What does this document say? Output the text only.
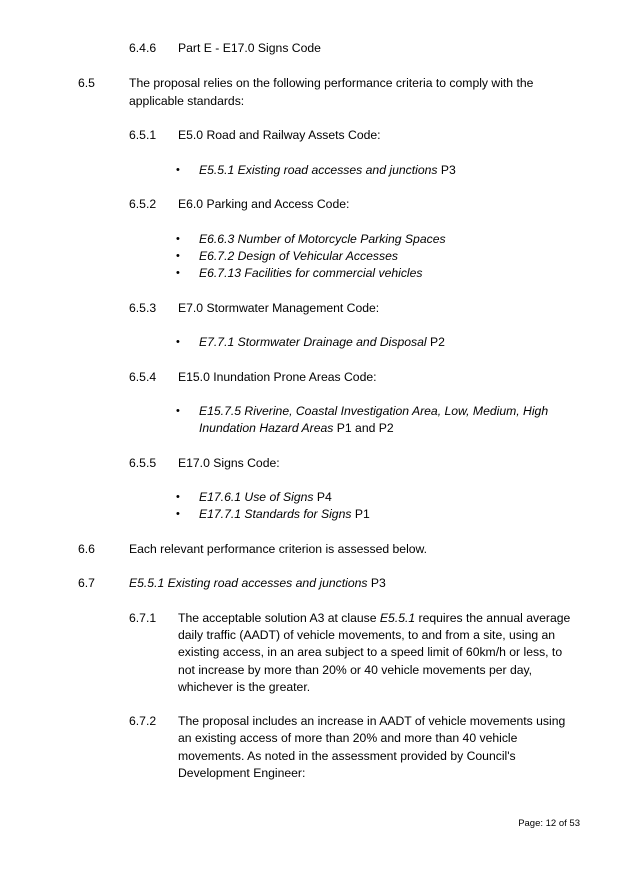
6.4.6 Part E - E17.0 Signs Code
6.5	The proposal relies on the following performance criteria to comply with the
applicable standards:
6.5.1 E5.0 Road and Railway Assets Code:
• E5.5.1 Existing road accesses and junctions P3
6.5.2 E6.0 Parking and Access Code:
• E6.6.3 Number of Motorcycle Parking Spaces
• E6.7.2 Design of Vehicular Accesses
• E6.7.13 Facilities for commercial vehicles
6.5.3 E7.0 Stormwater Management Code:
• E7.7.1 Stormwater Drainage and Disposal P2
6.5.4 E15.0 Inundation Prone Areas Code:
• E15.7.5 Riverine, Coastal Investigation Area, Low, Medium, High
Inundation Hazard Areas P1 and P2
6.5.5 E17.0 Signs Code:
• E17.6.1 Use of Signs P4
• E17.7.1 Standards for Signs P1
6.6	Each relevant performance criterion is assessed below.
6.7	E5.5.1 Existing road accesses and junctions P3
6.7.1 The acceptable solution A3 at clause E5.5.1 requires the annual average
daily traffic (AADT) of vehicle movements, to and from a site, using an
existing access, in an area subject to a speed limit of 60km/h or less, to
not increase by more than 20% or 40 vehicle movements per day,
whichever is the greater.
6.7.2 The proposal includes an increase in AADT of vehicle movements using
an existing access of more than 20% and more than 40 vehicle
movements. As noted in the assessment provided by Council's
Development Engineer:
Page: 12 of 53
